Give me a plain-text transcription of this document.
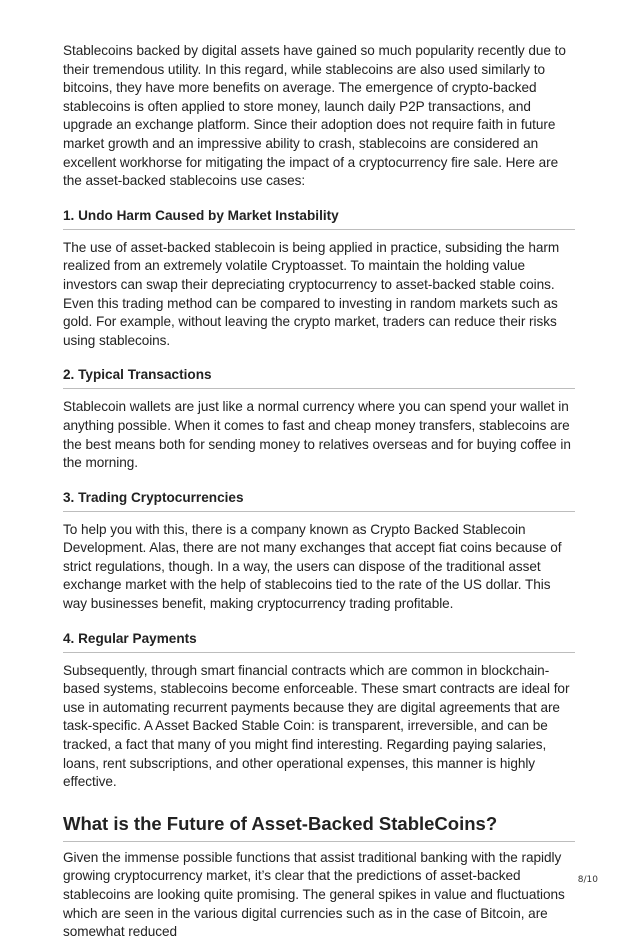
Stablecoins backed by digital assets have gained so much popularity recently due to their tremendous utility. In this regard, while stablecoins are also used similarly to bitcoins, they have more benefits on average. The emergence of crypto-backed stablecoins is often applied to store money, launch daily P2P transactions, and upgrade an exchange platform. Since their adoption does not require faith in future market growth and an impressive ability to crash, stablecoins are considered an excellent workhorse for mitigating the impact of a cryptocurrency fire sale. Here are the asset-backed stablecoins use cases:

1. Undo Harm Caused by Market Instability

The use of asset-backed stablecoin is being applied in practice, subsiding the harm realized from an extremely volatile Cryptoasset. To maintain the holding value investors can swap their depreciating cryptocurrency to asset-backed stable coins. Even this trading method can be compared to investing in random markets such as gold. For example, without leaving the crypto market, traders can reduce their risks using stablecoins.

2. Typical Transactions

Stablecoin wallets are just like a normal currency where you can spend your wallet in anything possible. When it comes to fast and cheap money transfers, stablecoins are the best means both for sending money to relatives overseas and for buying coffee in the morning.

3. Trading Cryptocurrencies

To help you with this, there is a company known as Crypto Backed Stablecoin Development. Alas, there are not many exchanges that accept fiat coins because of strict regulations, though. In a way, the users can dispose of the traditional asset exchange market with the help of stablecoins tied to the rate of the US dollar. This way businesses benefit, making cryptocurrency trading profitable.

4. Regular Payments

Subsequently, through smart financial contracts which are common in blockchain-based systems, stablecoins become enforceable. These smart contracts are ideal for use in automating recurrent payments because they are digital agreements that are task-specific. A Asset Backed Stable Coin: is transparent, irreversible, and can be tracked, a fact that many of you might find interesting. Regarding paying salaries, loans, rent subscriptions, and other operational expenses, this manner is highly effective.

What is the Future of Asset-Backed StableCoins?

Given the immense possible functions that assist traditional banking with the rapidly growing cryptocurrency market, it’s clear that the predictions of asset-backed stablecoins are looking quite promising. The general spikes in value and fluctuations which are seen in the various digital currencies such as in the case of Bitcoin, are somewhat reduced

8/10
